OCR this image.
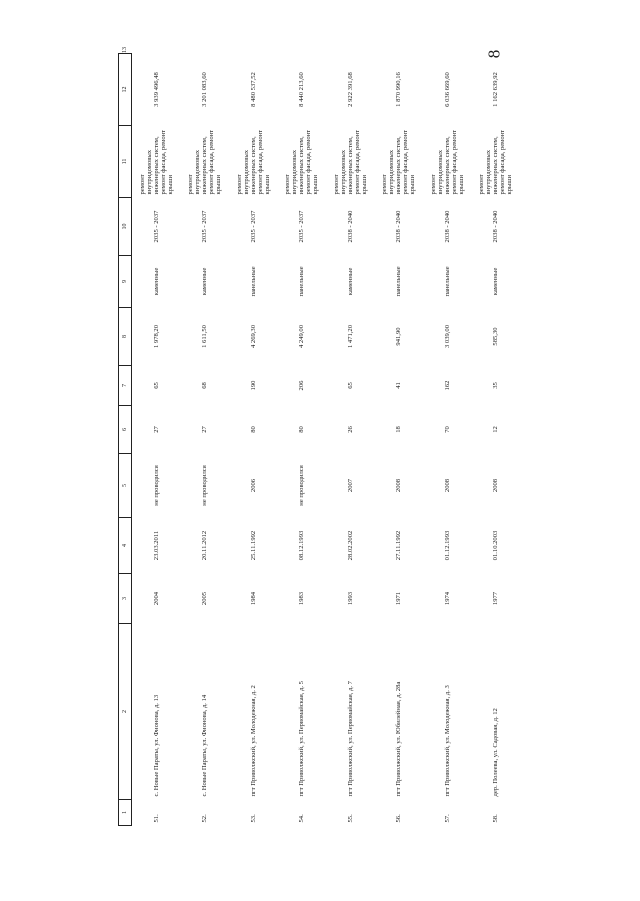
8
1	2	3	4	5	6	7	8	9	10	11	12	13
51.	с. Новые Параты, ул. Фионова, д. 13	2004	23.03.2011	не проводился	27	65	1 978,20	каменные	2035 - 2037	ремонт внутридомовых инженерных систем, ремонт фасада, ремонт крыши	3 939 496,48	
52.	с. Новые Параты, ул. Фионова, д. 14	2005	20.11.2012	не проводился	27	68	1 611,50	каменные	2035 - 2037	ремонт внутридомовых инженерных систем, ремонт фасада, ремонт крыши	3 201 083,60	
53.	пгт Приволжский, ул. Молодежная, д. 2	1984	25.11.1992	2006	80	190	4 269,30	панельные	2035 - 2037	ремонт внутридомовых инженерных систем, ремонт фасада, ремонт крыши	8 480 537,52	
54.	пгт Приволжский, ул. Первомайская, д. 5	1983	08.12.1993	не проводился	80	206	4 249,00	панельные	2035 - 2037	ремонт внутридомовых инженерных систем, ремонт фасада, ремонт крыши	8 440 213,60	
55.	пгт Приволжский, ул. Первомайская, д. 7	1993	28.02.2002	2007	26	65	1 471,20	каменные	2038 - 2040	ремонт внутридомовых инженерных систем, ремонт фасада, ремонт крыши	2 922 391,68	
56.	пгт Приволжский, ул. Юбилейная, д. 28а	1971	27.11.1992	2008	18	41	941,90	панельные	2038 - 2040	ремонт внутридомовых инженерных систем, ремонт фасада, ремонт крыши	1 870 990,16	
57.	пгт Приволжский, ул. Молодежная, д. 3	1974	01.12.1993	2008	70	162	3 039,00	панельные	2038 - 2040	ремонт внутридомовых инженерных систем, ремонт фасада, ремонт крыши	6 036 669,60	
58.	дер. Полеева, ул. Садовая, д. 12	1977	01.10.2003	2008	12	35	585,30	каменные	2038 - 2040	ремонт внутридомовых инженерных систем, ремонт фасада, ремонт крыши	1 162 639,92	
